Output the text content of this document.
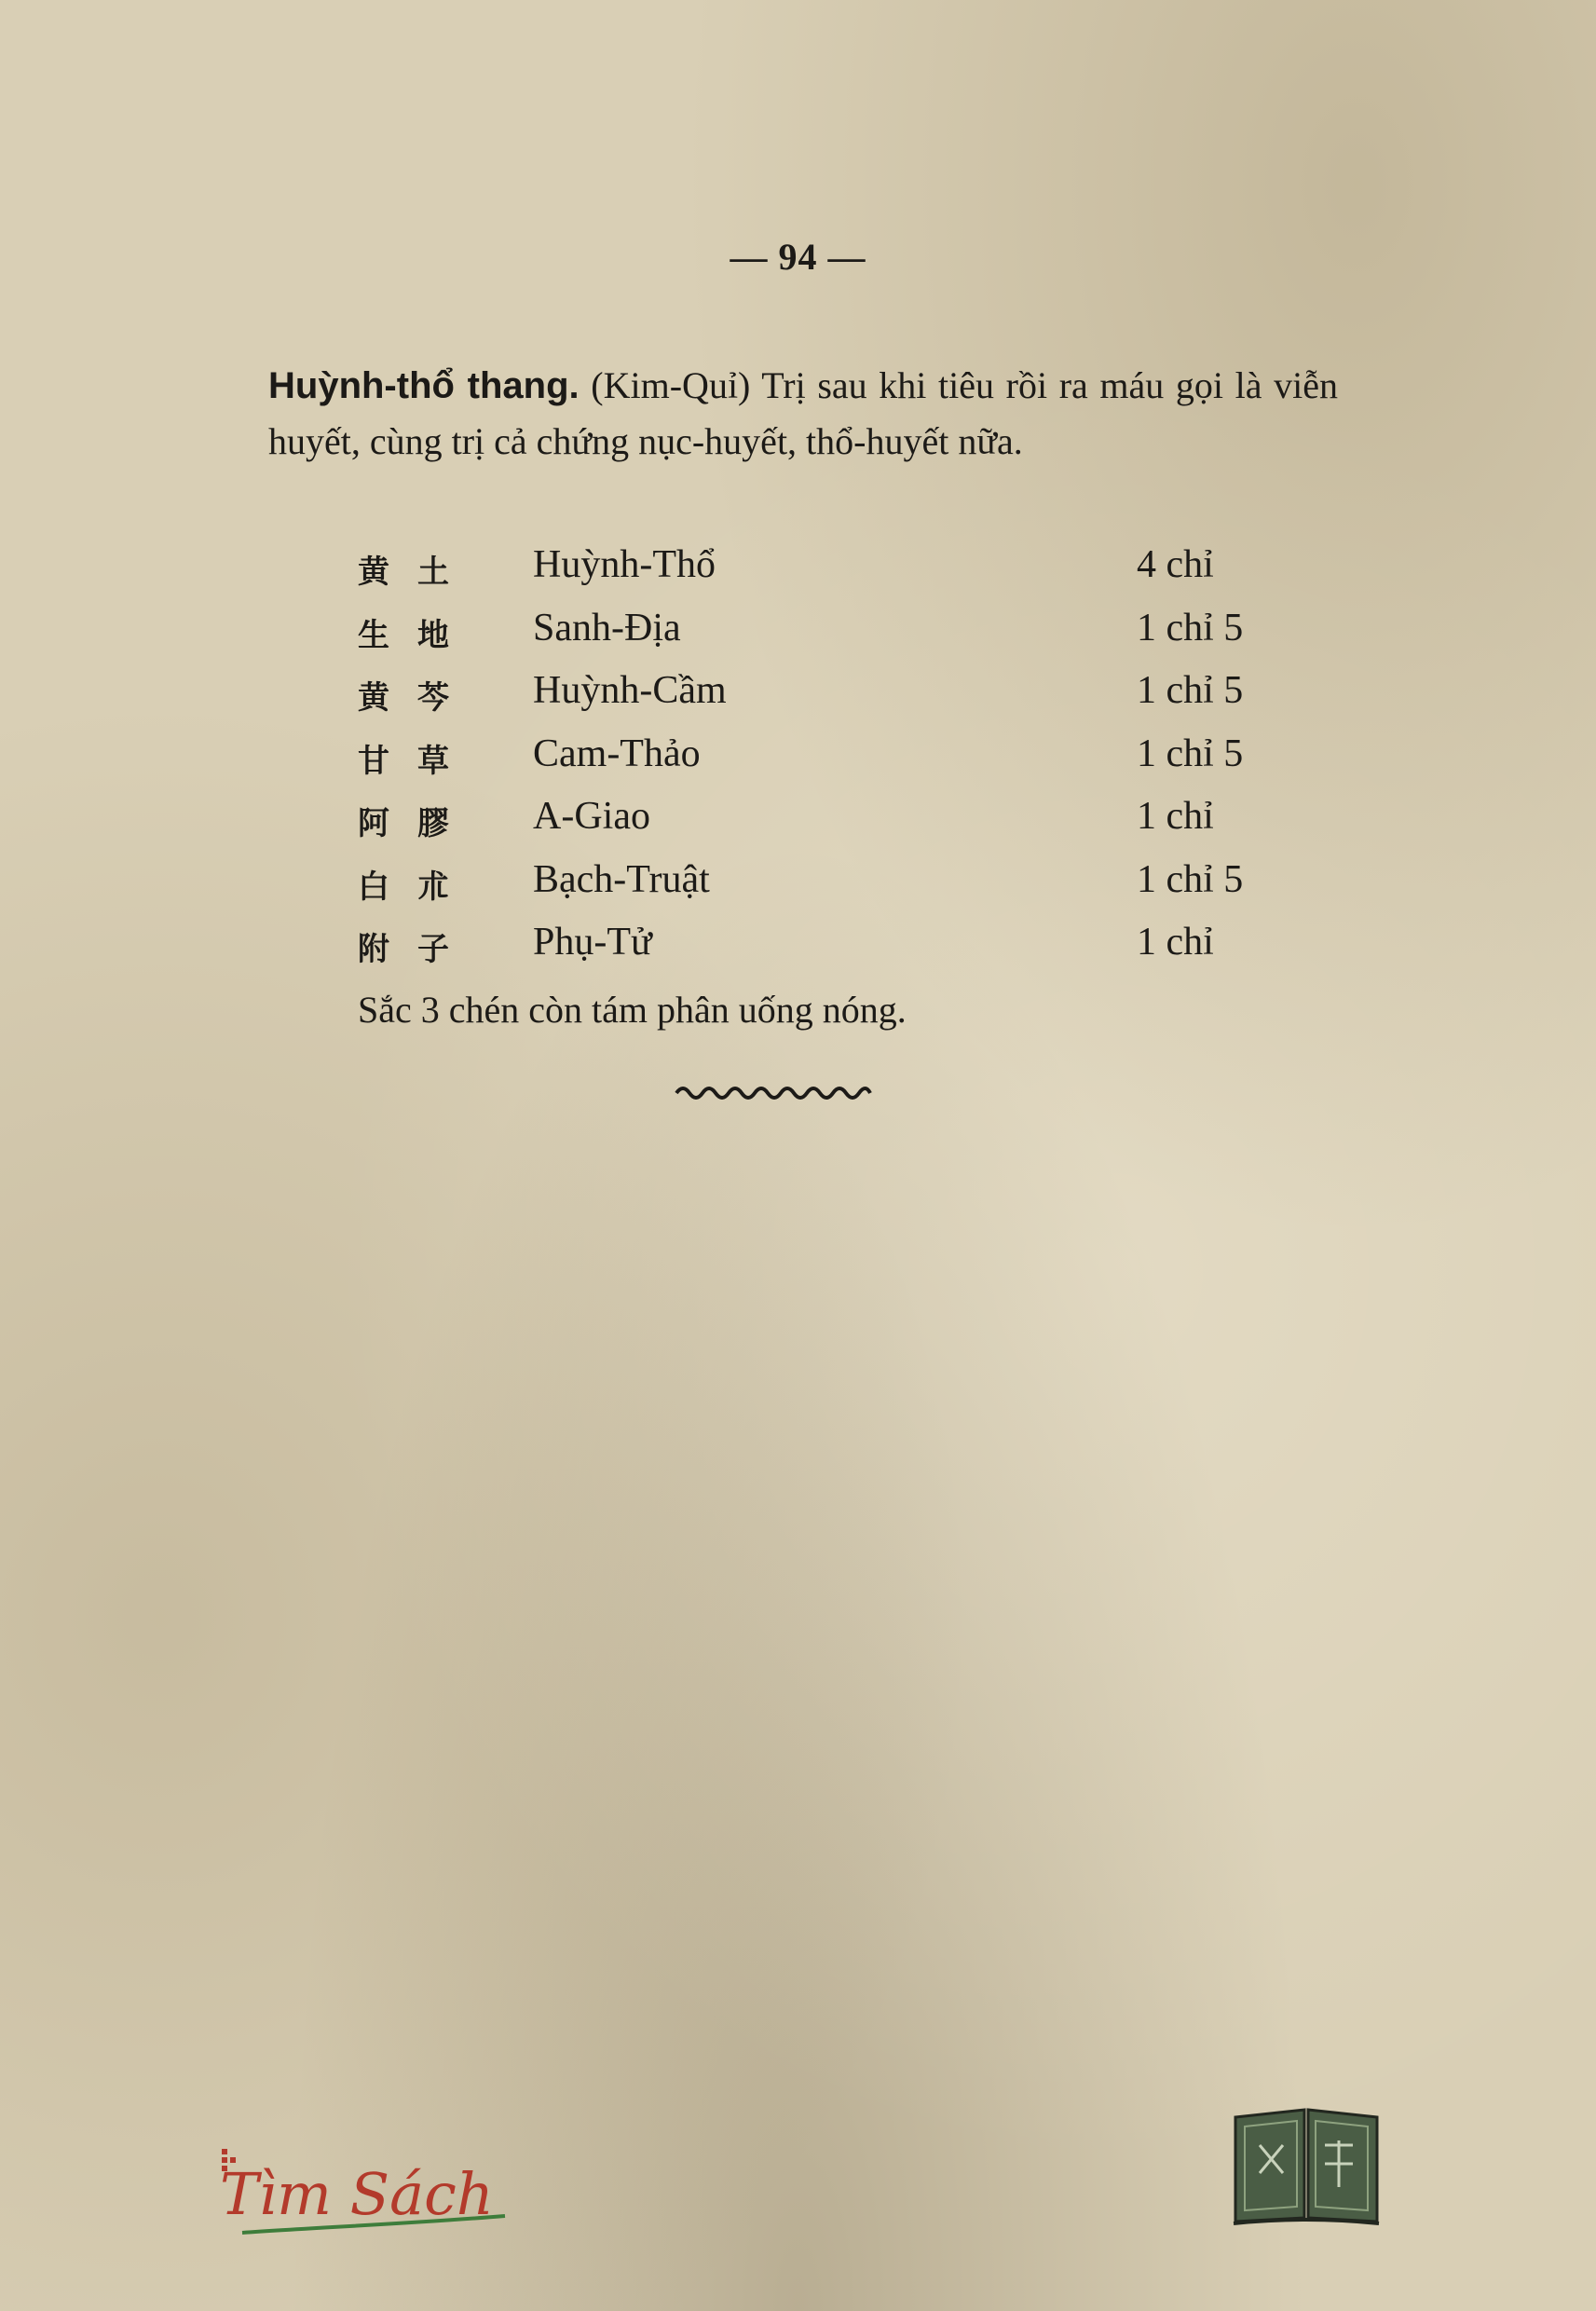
— 94 —
Huỳnh-thổ thang. (Kim-Quỉ) Trị sau khi tiêu rồi ra máu gọi là viễn huyết, cùng trị cả chứng nục-huyết, thổ-huyết nữa.
黄土 Huỳnh-Thổ	4 chỉ
生地 Sanh-Địa	1 chỉ 5
黄芩 Huỳnh-Cầm	1 chỉ 5
甘草 Cam-Thảo	1 chỉ 5
阿膠 A-Giao	1 chỉ
白朮 Bạch-Truật	1 chỉ 5
附子 Phụ-Tử	1 chỉ
Sắc 3 chén còn tám phân uống nóng.
Tìm Sách
